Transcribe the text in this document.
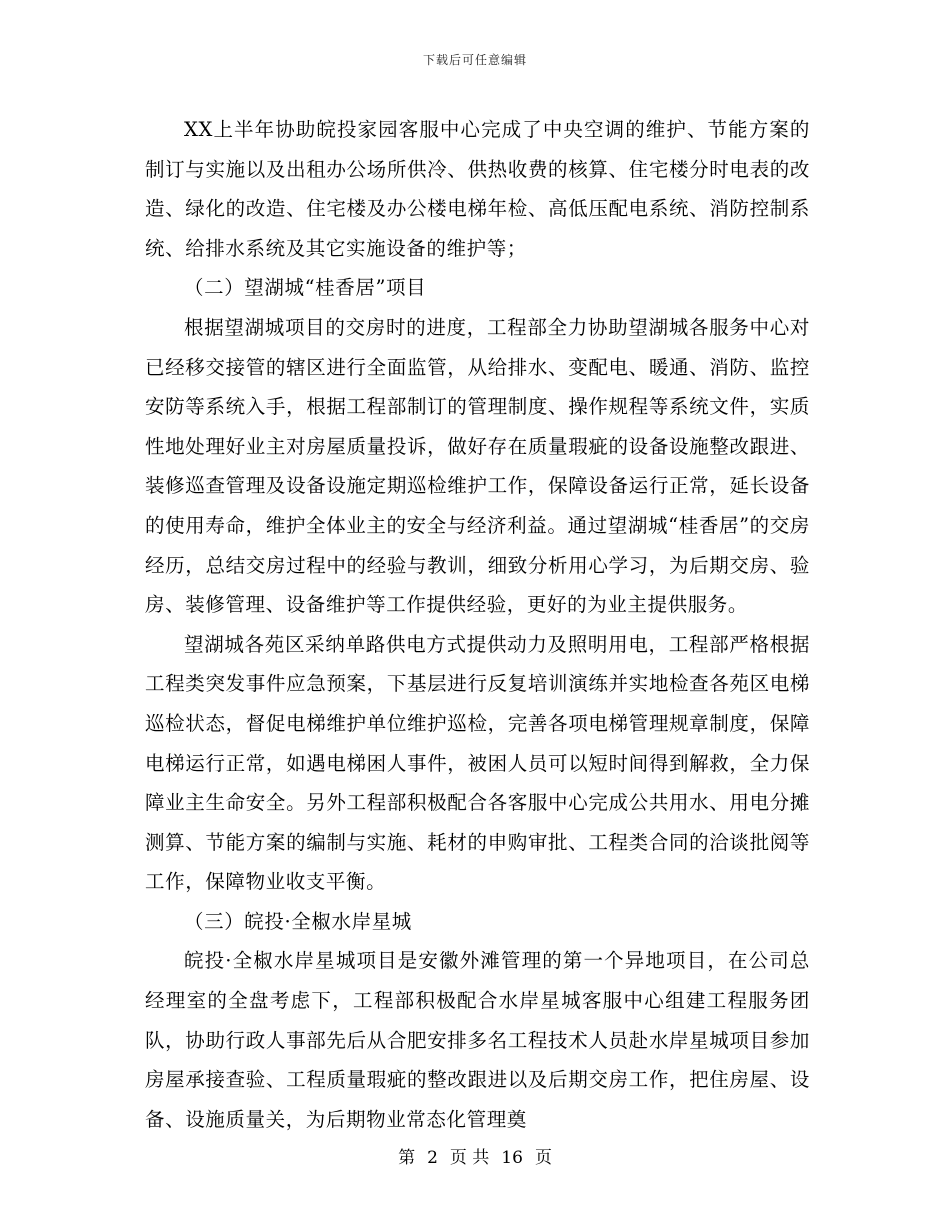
下载后可任意编辑

XX上半年协助皖投家园客服中心完成了中央空调的维护、节能方案的制订与实施以及出租办公场所供冷、供热收费的核算、住宅楼分时电表的改造、绿化的改造、住宅楼及办公楼电梯年检、高低压配电系统、消防控制系统、给排水系统及其它实施设备的维护等；

（二）望湖城“桂香居”项目

根据望湖城项目的交房时的进度，工程部全力协助望湖城各服务中心对已经移交接管的辖区进行全面监管，从给排水、变配电、暖通、消防、监控安防等系统入手，根据工程部制订的管理制度、操作规程等系统文件，实质性地处理好业主对房屋质量投诉，做好存在质量瑕疵的设备设施整改跟进、装修巡查管理及设备设施定期巡检维护工作，保障设备运行正常，延长设备的使用寿命，维护全体业主的安全与经济利益。通过望湖城“桂香居”的交房经历，总结交房过程中的经验与教训，细致分析用心学习，为后期交房、验房、装修管理、设备维护等工作提供经验，更好的为业主提供服务。

望湖城各苑区采纳单路供电方式提供动力及照明用电，工程部严格根据工程类突发事件应急预案，下基层进行反复培训演练并实地检查各苑区电梯巡检状态，督促电梯维护单位维护巡检，完善各项电梯管理规章制度，保障电梯运行正常，如遇电梯困人事件，被困人员可以短时间得到解救，全力保障业主生命安全。另外工程部积极配合各客服中心完成公共用水、用电分摊测算、节能方案的编制与实施、耗材的申购审批、工程类合同的洽谈批阅等工作，保障物业收支平衡。

（三）皖投·全椒水岸星城

皖投·全椒水岸星城项目是安徽外滩管理的第一个异地项目，在公司总经理室的全盘考虑下，工程部积极配合水岸星城客服中心组建工程服务团队，协助行政人事部先后从合肥安排多名工程技术人员赴水岸星城项目参加房屋承接查验、工程质量瑕疵的整改跟进以及后期交房工作，把住房屋、设备、设施质量关，为后期物业常态化管理奠

第 2 页 共 16 页
